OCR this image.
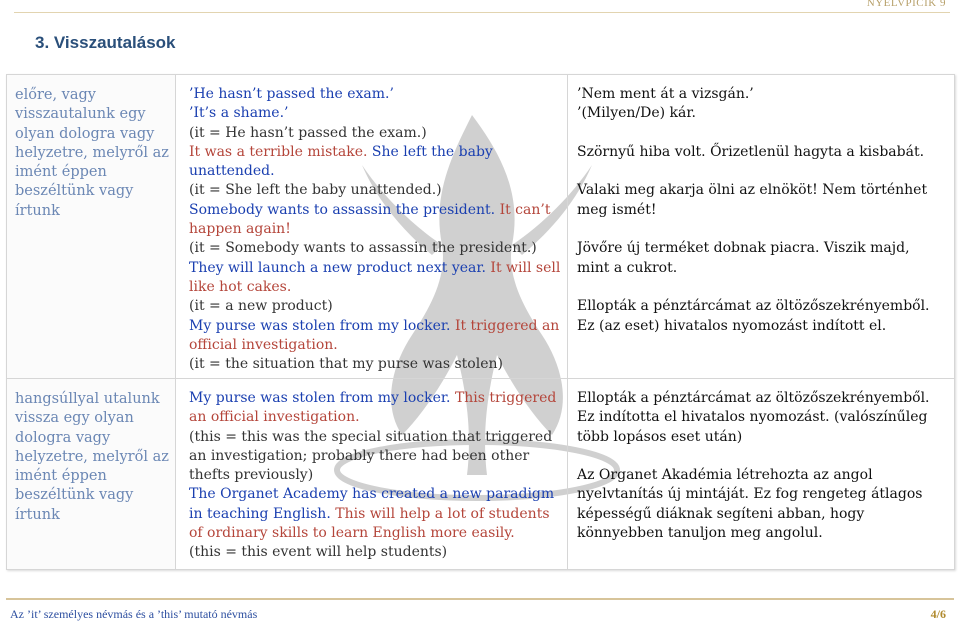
NYELVPICIK 9
3. Visszautalások
előre, vagy
visszautalunk egy
olyan dologra vagy
helyzetre, melyről az
imént éppen
beszéltünk vagy
írtunk
’He hasn’t passed the exam.’
’It’s a shame.’
(it = He hasn’t passed the exam.)
It was a terrible mistake. She left the baby
unattended.
(it = She left the baby unattended.)
Somebody wants to assassin the president. It can’t
happen again!
(it = Somebody wants to assassin the president.)
They will launch a new product next year. It will sell
like hot cakes.
(it = a new product)
My purse was stolen from my locker. It triggered an
official investigation.
(it = the situation that my purse was stolen)
’Nem ment át a vizsgán.’
’(Milyen/De) kár.
Szörnyű hiba volt. Őrizetlenül hagyta a kisbabát.
Valaki meg akarja ölni az elnököt! Nem történhet
meg ismét!
Jövőre új terméket dobnak piacra. Viszik majd,
mint a cukrot.
Ellopták a pénztárcámat az öltözőszekrényemből.
Ez (az eset) hivatalos nyomozást indított el.
hangsúllyal utalunk
vissza egy olyan
dologra vagy
helyzetre, melyről az
imént éppen
beszéltünk vagy
írtunk
My purse was stolen from my locker. This triggered
an official investigation.
(this = this was the special situation that triggered
an investigation; probably there had been other
thefts previously)
The Organet Academy has created a new paradigm
in teaching English. This will help a lot of students
of ordinary skills to learn English more easily.
(this = this event will help students)
Ellopták a pénztárcámat az öltözőszekrényemből.
Ez indította el hivatalos nyomozást. (valószínűleg
több lopásos eset után)
Az Organet Akadémia létrehozta az angol
nyelvtanítás új mintáját. Ez fog rengeteg átlagos
képességű diáknak segíteni abban, hogy
könnyebben tanuljon meg angolul.
Az ’it’ személyes névmás és a ’this’ mutató névmás	4/6
